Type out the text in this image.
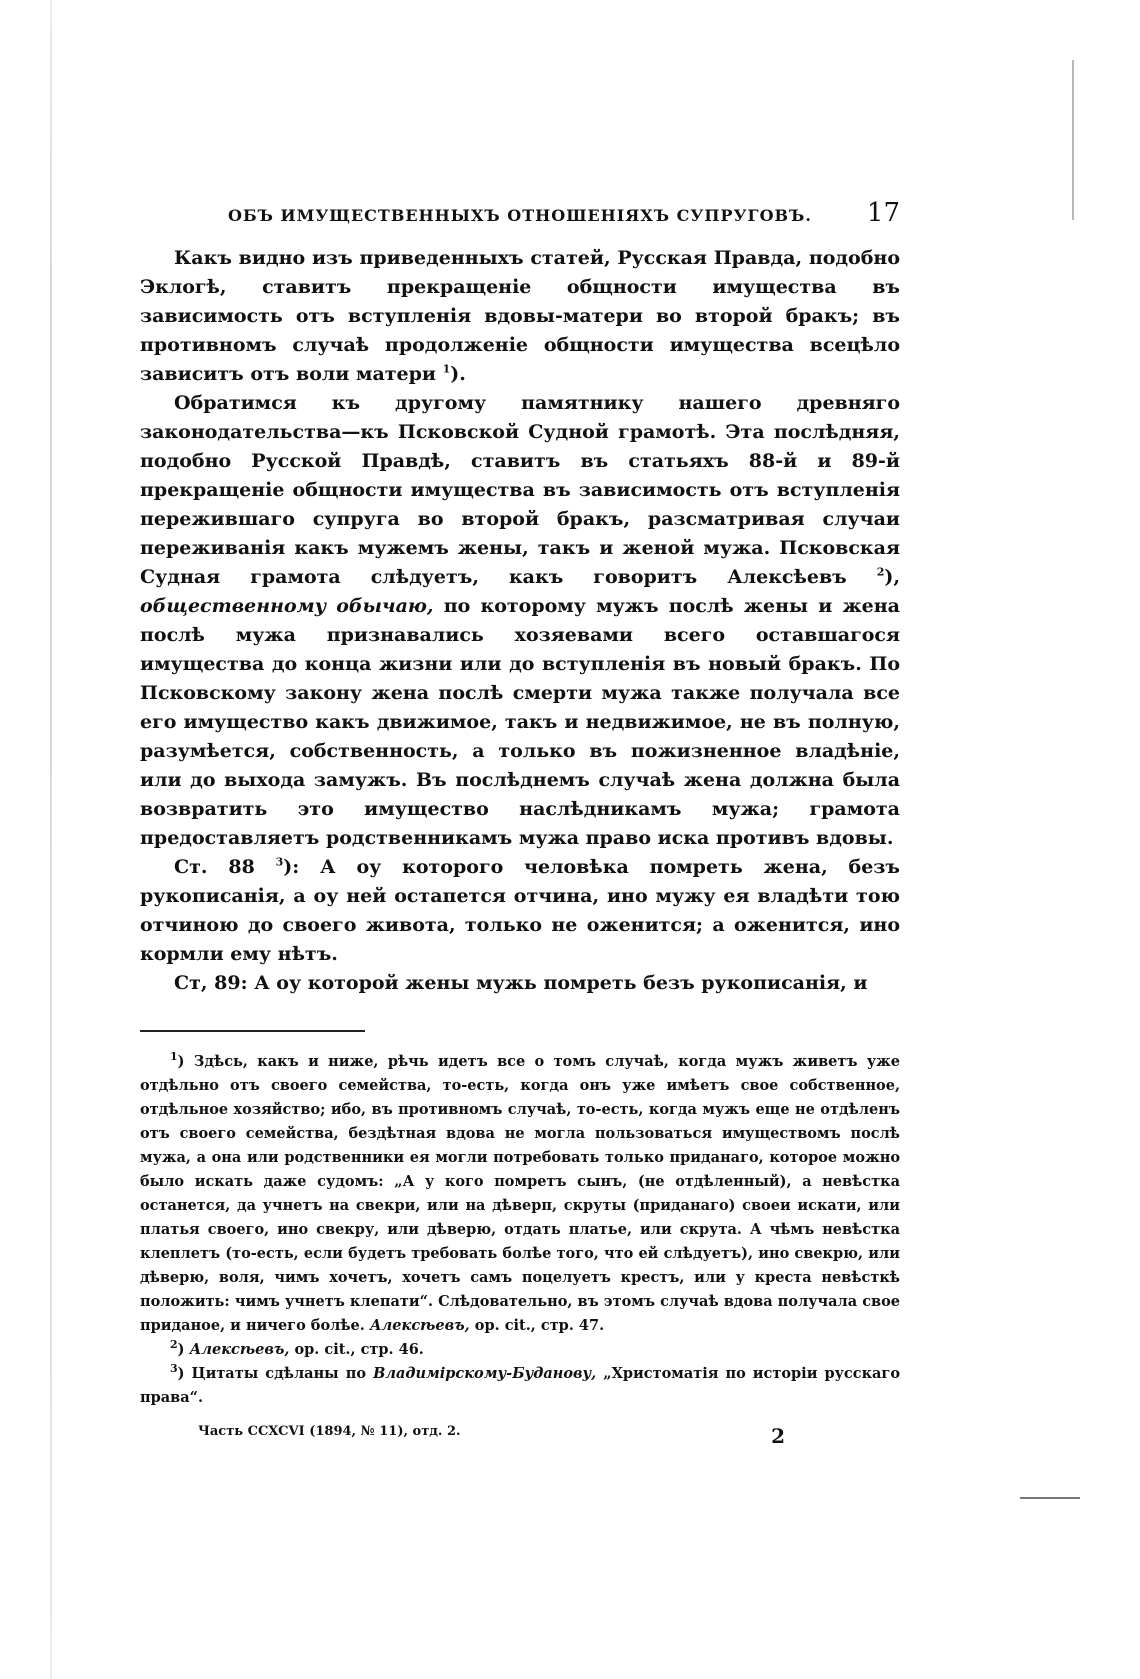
ОБЪ ИМУЩЕСТВЕННЫХЪ ОТНОШЕНІЯХЪ СУПРУГОВЪ. 17

Какъ видно изъ приведенныхъ статей, Русская Правда, подобно Эклогѣ, ставитъ прекращеніе общности имущества въ зависимость отъ вступленія вдовы-матери во второй бракъ; въ противномъ случаѣ продолженіе общности имущества всецѣло зависитъ отъ воли матери $^1$).

Обратимся къ другому памятнику нашего древняго законодательства—къ Псковской Судной грамотѣ. Эта послѣдняя, подобно Русской Правдѣ, ставитъ въ статьяхъ 88-й и 89-й прекращеніе общности имущества въ зависимость отъ вступленія пережившаго супруга во второй бракъ, разсматривая случаи переживанія какъ мужемъ жены, такъ и женой мужа. Псковская Судная грамота слѣдуетъ, какъ говоритъ Алексѣевъ $^2$), общественному обычаю, по которому мужъ послѣ жены и жена послѣ мужа признавались хозяевами всего оставшагося имущества до конца жизни или до вступленія въ новый бракъ. По Псковскому закону жена послѣ смерти мужа также получала все его имущество какъ движимое, такъ и недвижимое, не въ полную, разумѣется, собственность, а только въ пожизненное владѣніе, или до выхода замужъ. Въ послѣднемъ случаѣ жена должна была возвратить это имущество наслѣдникамъ мужа; грамота предоставляетъ родственникамъ мужа право иска противъ вдовы.

Ст. 88 $^3$): А оу которого человѣка помреть жена, безъ рукописанія, а оу ней остапется отчина, ино мужу ея владѣти тою отчиною до своего живота, только не оженится; а оженится, ино кормли ему нѣтъ.

Ст, 89: А оу которой жены мужь помреть безъ рукописанія, и

$^1$) Здѣсь, какъ и ниже, рѣчь идетъ все о томъ случаѣ, когда мужъ живетъ уже отдѣльно отъ своего семейства, то-есть, когда онъ уже имѣетъ свое собственное, отдѣльное хозяйство; ибо, въ противномъ случаѣ, то-есть, когда мужъ еще не отдѣленъ отъ своего семейства, бездѣтная вдова не могла пользоваться имуществомъ послѣ мужа, а она или родственники ея могли потребовать только приданаго, которое можно было искать даже судомъ: „А у кого помретъ сынъ, (не отдѣленный), а невѣстка останется, да учнетъ на свекри, или на дѣверп, скруты (приданаго) своеи искати, или платья своего, ино свекру, или дѣверю, отдать платье, или скрута. А чѣмъ невѣстка клеплетъ (то-есть, если будетъ требовать болѣе того, что ей слѣдуетъ), ино свекрю, или дѣверю, воля, чимъ хочетъ, хочетъ самъ поцелуетъ крестъ, или у креста невѣсткѣ положить: чимъ учнетъ клепати“. Слѣдовательно, въ этомъ случаѣ вдова получала свое приданое, и ничего болѣе. Алексѣевъ, op. cit., стр. 47.

$^2$) Алексѣевъ, op. cit., стр. 46.

$^3$) Цитаты сдѣланы по Владимірскому-Буданову, „Христоматія по исторіи русскаго права“.

Часть CCXCVI (1894, № 11), отд. 2.	2
